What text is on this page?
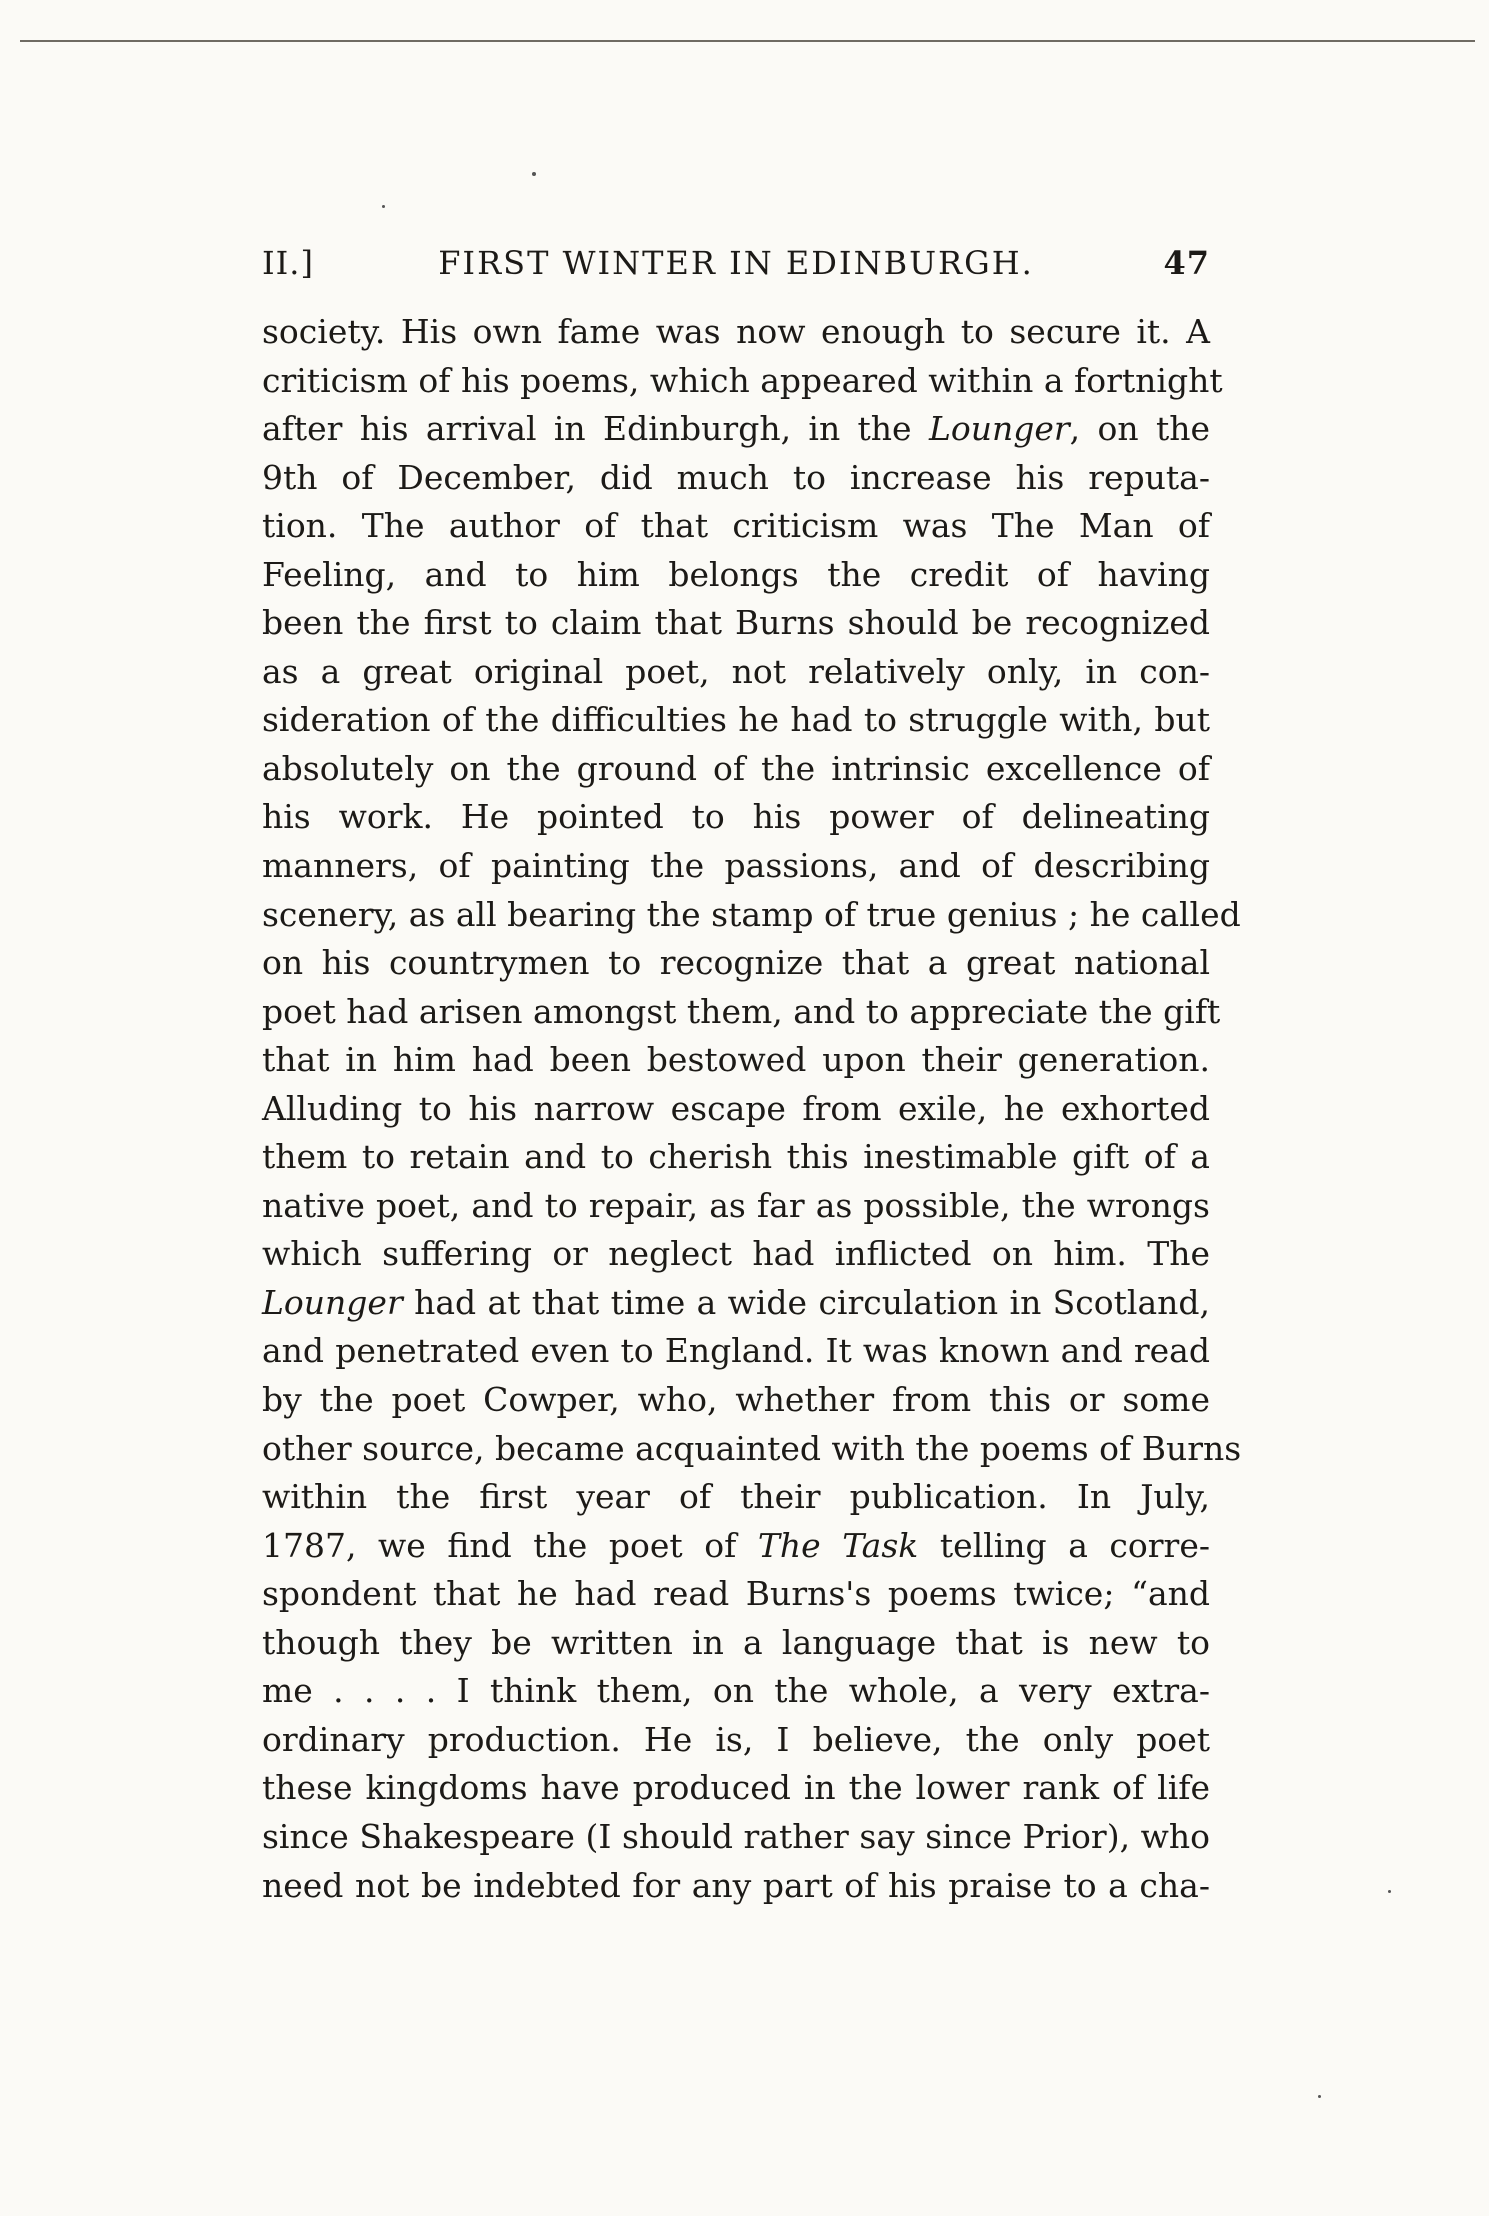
II.]	FIRST WINTER IN EDINBURGH.	47
society. His own fame was now enough to secure it. A
criticism of his poems, which appeared within a fortnight
after his arrival in Edinburgh, in the Lounger, on the
9th of December, did much to increase his reputa-
tion. The author of that criticism was The Man of
Feeling, and to him belongs the credit of having
been the first to claim that Burns should be recognized
as a great original poet, not relatively only, in con-
sideration of the difficulties he had to struggle with, but
absolutely on the ground of the intrinsic excellence of
his work. He pointed to his power of delineating
manners, of painting the passions, and of describing
scenery, as all bearing the stamp of true genius ; he called
on his countrymen to recognize that a great national
poet had arisen amongst them, and to appreciate the gift
that in him had been bestowed upon their generation.
Alluding to his narrow escape from exile, he exhorted
them to retain and to cherish this inestimable gift of a
native poet, and to repair, as far as possible, the wrongs
which suffering or neglect had inflicted on him. The
Lounger had at that time a wide circulation in Scotland,
and penetrated even to England. It was known and read
by the poet Cowper, who, whether from this or some
other source, became acquainted with the poems of Burns
within the first year of their publication. In July,
1787, we find the poet of The Task telling a corre-
spondent that he had read Burns's poems twice; “and
though they be written in a language that is new to
me . . . . I think them, on the whole, a very extra-
ordinary production. He is, I believe, the only poet
these kingdoms have produced in the lower rank of life
since Shakespeare (I should rather say since Prior), who
need not be indebted for any part of his praise to a cha-
